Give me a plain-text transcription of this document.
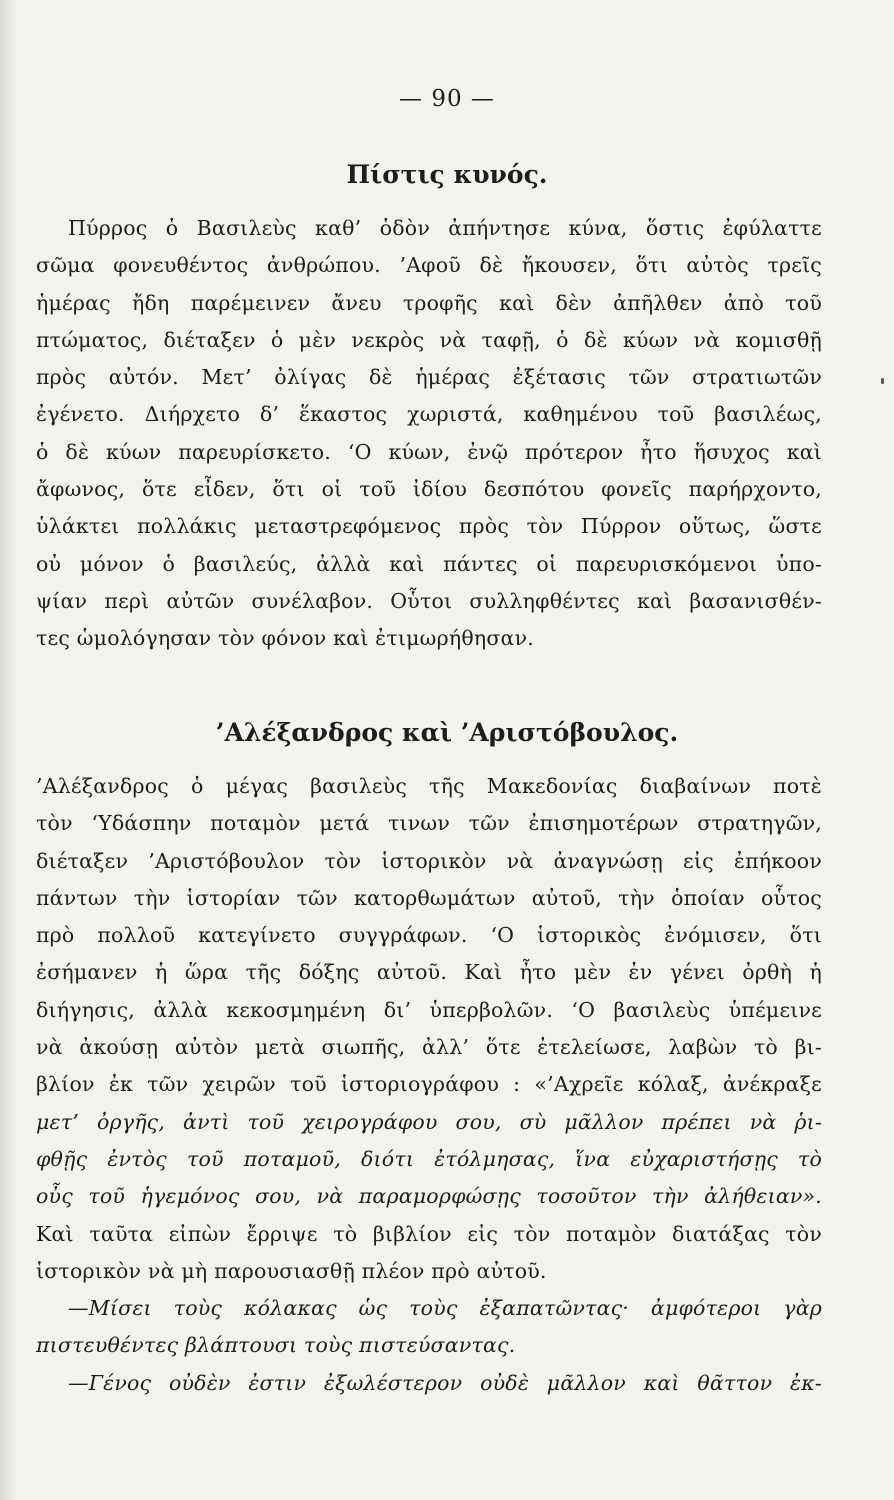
— 90 —
Πίστις κυνός.
Πύρρος ὁ Βασιλεὺς καθ’ ὁδὸν ἀπήντησε κύνα, ὅστις ἐφύλαττε
σῶμα φονευθέντος ἀνθρώπου. ’Αφοῦ δὲ ἤκουσεν, ὅτι αὐτὸς τρεῖς
ἡμέρας ἤδη παρέμεινεν ἄνευ τροφῆς καὶ δὲν ἀπῆλθεν ἀπὸ τοῦ
πτώματος, διέταξεν ὁ μὲν νεκρὸς νὰ ταφῇ, ὁ δὲ κύων νὰ κομισθῇ
πρὸς αὐτόν. Μετ’ ὀλίγας δὲ ἡμέρας ἐξέτασις τῶν στρατιωτῶν
ἐγένετο. Διήρχετο δ’ ἕκαστος χωριστά, καθημένου τοῦ βασιλέως,
ὁ δὲ κύων παρευρίσκετο. ‘Ο κύων, ἐνῷ πρότερον ἦτο ἥσυχος καὶ
ἄφωνος, ὅτε εἶδεν, ὅτι οἱ τοῦ ἰδίου δεσπότου φονεῖς παρήρχοντο,
ὑλάκτει πολλάκις μεταστρεφόμενος πρὸς τὸν Πύρρον οὕτως, ὥστε
οὐ μόνον ὁ βασιλεύς, ἀλλὰ καὶ πάντες οἱ παρευρισκόμενοι ὑπο-
ψίαν περὶ αὐτῶν συνέλαβον. Οὗτοι συλληφθέντες καὶ βασανισθέν-
τες ὡμολόγησαν τὸν φόνον καὶ ἐτιμωρήθησαν.
’Αλέξανδρος καὶ ’Αριστόβουλος.
’Αλέξανδρος ὁ μέγας βασιλεὺς τῆς Μακεδονίας διαβαίνων ποτὲ
τὸν ‘Υδάσπην ποταμὸν μετά τινων τῶν ἐπισημοτέρων στρατηγῶν,
διέταξεν ’Αριστόβουλον τὸν ἱστορικὸν νὰ ἀναγνώσῃ εἰς ἐπήκοον
πάντων τὴν ἱστορίαν τῶν κατορθωμάτων αὐτοῦ, τὴν ὁποίαν οὗτος
πρὸ πολλοῦ κατεγίνετο συγγράφων. ‘Ο ἱστορικὸς ἐνόμισεν, ὅτι
ἐσήμανεν ἡ ὥρα τῆς δόξης αὐτοῦ. Καὶ ἦτο μὲν ἐν γένει ὀρθὴ ἡ
διήγησις, ἀλλὰ κεκοσμημένη δι’ ὑπερβολῶν. ‘Ο βασιλεὺς ὑπέμεινε
νὰ ἀκούσῃ αὐτὸν μετὰ σιωπῆς, ἀλλ’ ὅτε ἐτελείωσε, λαβὼν τὸ βι-
βλίον ἐκ τῶν χειρῶν τοῦ ἱστοριογράφου : «’Αχρεῖε κόλαξ, ἀνέκραξε
μετ’ ὀργῆς, ἀντὶ τοῦ χειρογράφου σου, σὺ μᾶλλον πρέπει νὰ ῥι-
φθῇς ἐντὸς τοῦ ποταμοῦ, διότι ἐτόλμησας, ἵνα εὐχαριστήσῃς τὸ
οὖς τοῦ ἡγεμόνος σου, νὰ παραμορφώσῃς τοσοῦτον τὴν ἀλήθειαν».
Καὶ ταῦτα εἰπὼν ἔρριψε τὸ βιβλίον εἰς τὸν ποταμὸν διατάξας τὸν
ἱστορικὸν νὰ μὴ παρουσιασθῇ πλέον πρὸ αὐτοῦ.
—Μίσει τοὺς κόλακας ὡς τοὺς ἐξαπατῶντας· ἀμφότεροι γὰρ
πιστευθέντες βλάπτουσι τοὺς πιστεύσαντας.
—Γένος οὐδὲν ἐστιν ἐξωλέστερον οὐδὲ μᾶλλον καὶ θᾶττον ἐκ-
